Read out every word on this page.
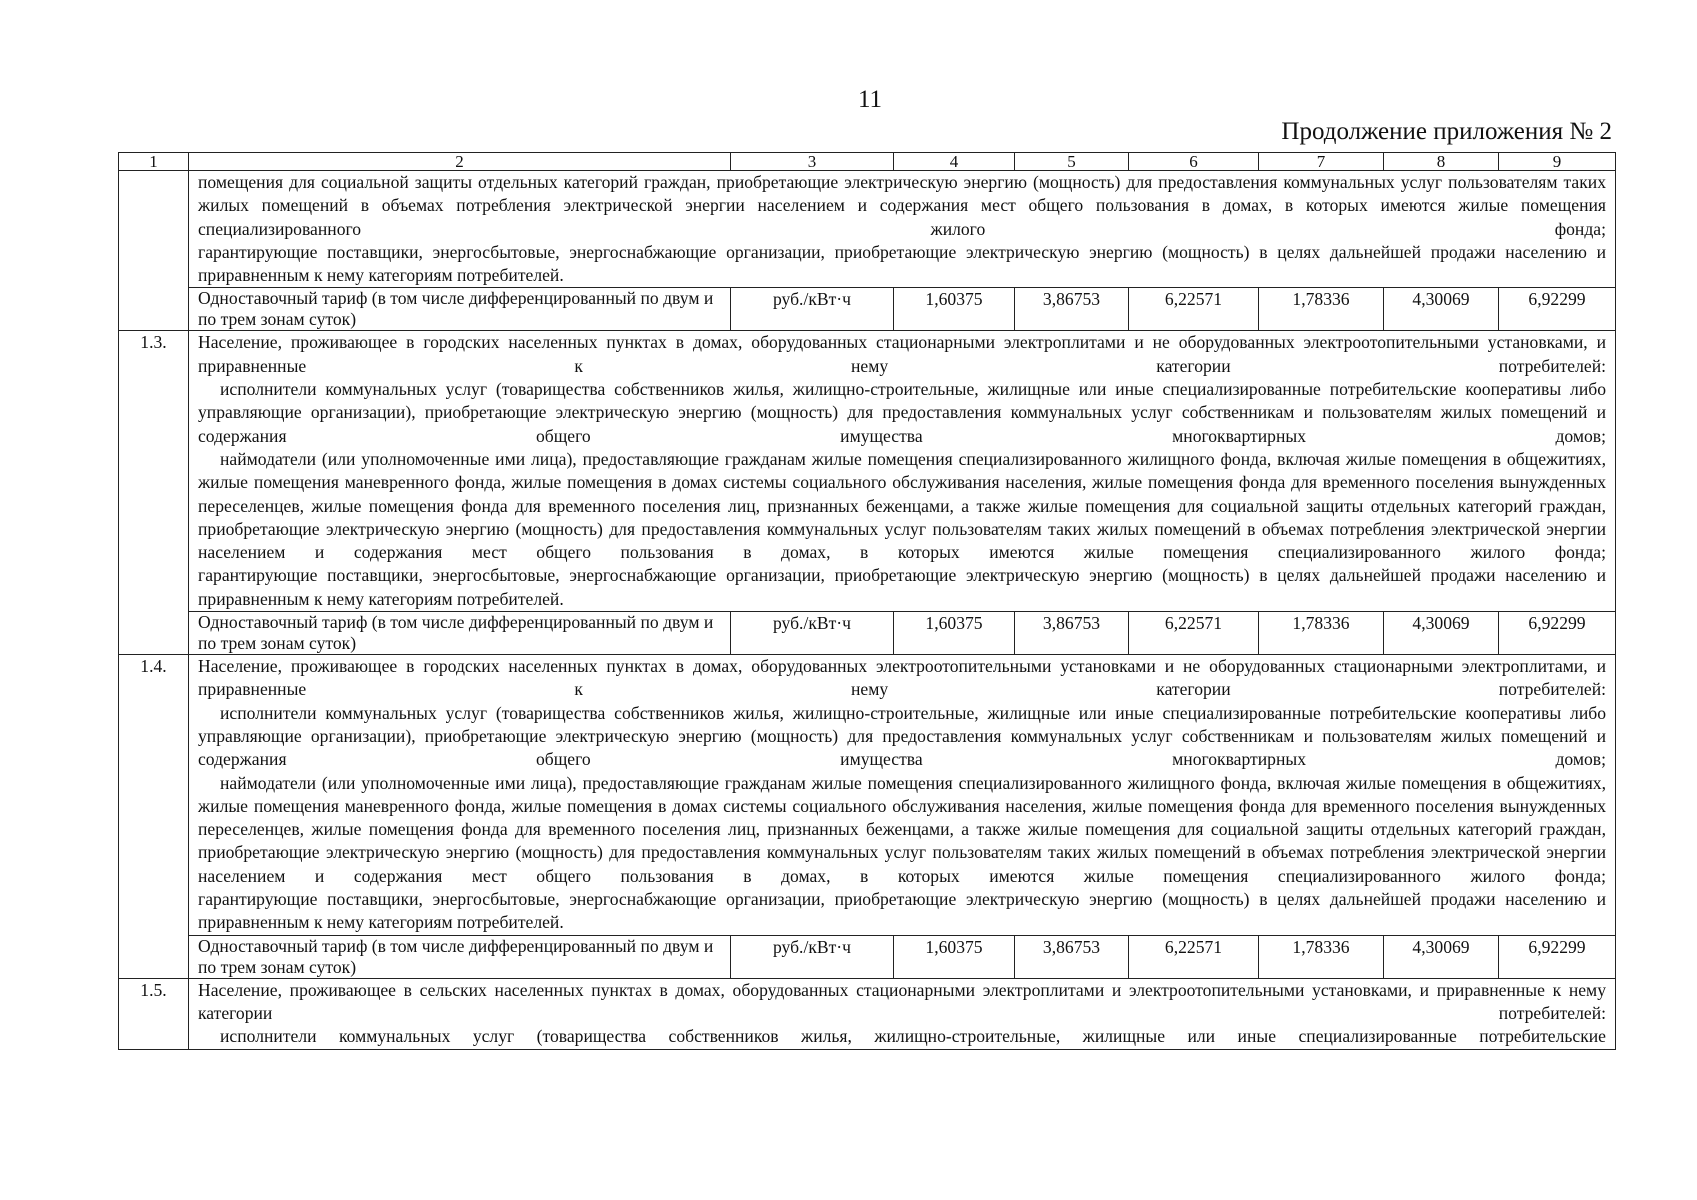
11
Продолжение приложения № 2
1	2	3	4	5	6	7	8	9

	помещения для социальной защиты отдельных категорий граждан, приобретающие электрическую энергию (мощность) для предоставления коммунальных услуг пользователям таких жилых помещений в объемах потребления электрической энергии населением и содержания мест общего пользования в домах, в которых имеются жилые помещения специализированного жилого фонда;

гарантирующие поставщики, энергосбытовые, энергоснабжающие организации, приобретающие электрическую энергию (мощность) в целях дальнейшей продажи населению и приравненным к нему категориям потребителей.							

	Одноставочный тариф (в том числе дифференцированный по двум и по трем зонам суток)	руб./кВт·ч	1,60375	3,86753	6,22571	1,78336	4,30069	6,92299
1.3.	Население, проживающее в городских населенных пунктах в домах, оборудованных стационарными электроплитами и не оборудованных электроотопительными установками, и приравненные к нему категории потребителей:

исполнители коммунальных услуг (товарищества собственников жилья, жилищно-строительные, жилищные или иные специализированные потребительские кооперативы либо управляющие организации), приобретающие электрическую энергию (мощность) для предоставления коммунальных услуг собственникам и пользователям жилых помещений и содержания общего имущества многоквартирных домов;

наймодатели (или уполномоченные ими лица), предоставляющие гражданам жилые помещения специализированного жилищного фонда, включая жилые помещения в общежитиях, жилые помещения маневренного фонда, жилые помещения в домах системы социального обслуживания населения, жилые помещения фонда для временного поселения вынужденных переселенцев, жилые помещения фонда для временного поселения лиц, признанных беженцами, а также жилые помещения для социальной защиты отдельных категорий граждан, приобретающие электрическую энергию (мощность) для предоставления коммунальных услуг пользователям таких жилых помещений в объемах потребления электрической энергии населением и содержания мест общего пользования в домах, в которых имеются жилые помещения специализированного жилого фонда;

гарантирующие поставщики, энергосбытовые, энергоснабжающие организации, приобретающие электрическую энергию (мощность) в целях дальнейшей продажи населению и приравненным к нему категориям потребителей.							

	Одноставочный тариф (в том числе дифференцированный по двум и по трем зонам суток)	руб./кВт·ч	1,60375	3,86753	6,22571	1,78336	4,30069	6,92299
1.4.	Население, проживающее в городских населенных пунктах в домах, оборудованных электроотопительными установками и не оборудованных стационарными электроплитами, и приравненные к нему категории потребителей:

исполнители коммунальных услуг (товарищества собственников жилья, жилищно-строительные, жилищные или иные специализированные потребительские кооперативы либо управляющие организации), приобретающие электрическую энергию (мощность) для предоставления коммунальных услуг собственникам и пользователям жилых помещений и содержания общего имущества многоквартирных домов;

наймодатели (или уполномоченные ими лица), предоставляющие гражданам жилые помещения специализированного жилищного фонда, включая жилые помещения в общежитиях, жилые помещения маневренного фонда, жилые помещения в домах системы социального обслуживания населения, жилые помещения фонда для временного поселения вынужденных переселенцев, жилые помещения фонда для временного поселения лиц, признанных беженцами, а также жилые помещения для социальной защиты отдельных категорий граждан, приобретающие электрическую энергию (мощность) для предоставления коммунальных услуг пользователям таких жилых помещений в объемах потребления электрической энергии населением и содержания мест общего пользования в домах, в которых имеются жилые помещения специализированного жилого фонда;

гарантирующие поставщики, энергосбытовые, энергоснабжающие организации, приобретающие электрическую энергию (мощность) в целях дальнейшей продажи населению и приравненным к нему категориям потребителей.							

	Одноставочный тариф (в том числе дифференцированный по двум и по трем зонам суток)	руб./кВт·ч	1,60375	3,86753	6,22571	1,78336	4,30069	6,92299
1.5.	Население, проживающее в сельских населенных пунктах в домах, оборудованных стационарными электроплитами и электроотопительными установками, и приравненные к нему категории потребителей:

исполнители коммунальных услуг (товарищества собственников жилья, жилищно-строительные, жилищные или иные специализированные потребительские							
